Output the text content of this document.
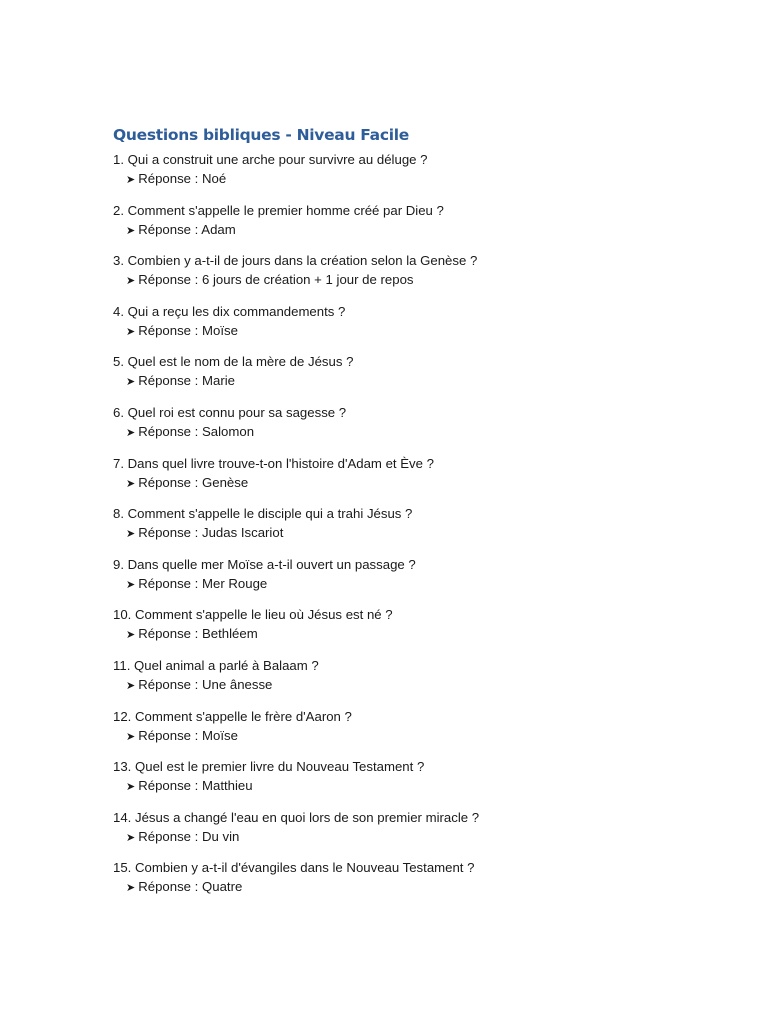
Questions bibliques - Niveau Facile
1. Qui a construit une arche pour survivre au déluge ?
➤ Réponse : Noé
2. Comment s'appelle le premier homme créé par Dieu ?
➤ Réponse : Adam
3. Combien y a-t-il de jours dans la création selon la Genèse ?
➤ Réponse : 6 jours de création + 1 jour de repos
4. Qui a reçu les dix commandements ?
➤ Réponse : Moïse
5. Quel est le nom de la mère de Jésus ?
➤ Réponse : Marie
6. Quel roi est connu pour sa sagesse ?
➤ Réponse : Salomon
7. Dans quel livre trouve-t-on l'histoire d'Adam et Ève ?
➤ Réponse : Genèse
8. Comment s'appelle le disciple qui a trahi Jésus ?
➤ Réponse : Judas Iscariot
9. Dans quelle mer Moïse a-t-il ouvert un passage ?
➤ Réponse : Mer Rouge
10. Comment s'appelle le lieu où Jésus est né ?
➤ Réponse : Bethléem
11. Quel animal a parlé à Balaam ?
➤ Réponse : Une ânesse
12. Comment s'appelle le frère d'Aaron ?
➤ Réponse : Moïse
13. Quel est le premier livre du Nouveau Testament ?
➤ Réponse : Matthieu
14. Jésus a changé l'eau en quoi lors de son premier miracle ?
➤ Réponse : Du vin
15. Combien y a-t-il d'évangiles dans le Nouveau Testament ?
➤ Réponse : Quatre
